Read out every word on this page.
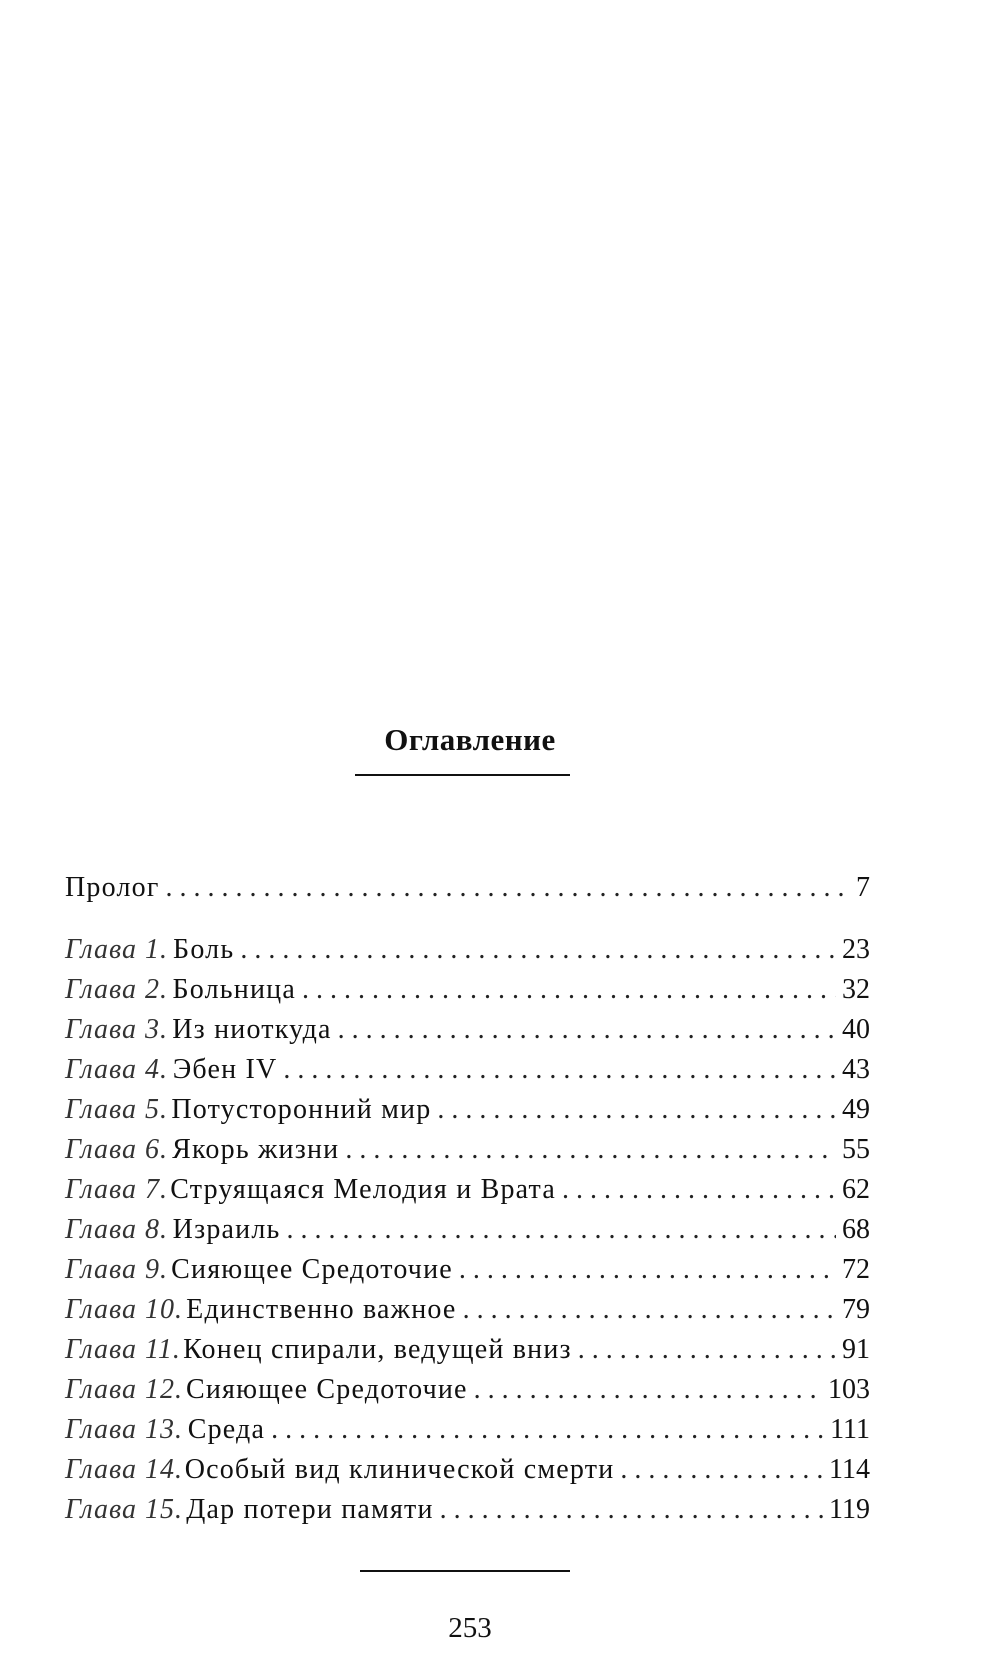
Оглавление
Пролог . . .	7
Глава 1. Боль . . .	23
Глава 2. Больница . . .	32
Глава 3. Из ниоткуда . . .	40
Глава 4. Эбен IV . . .	43
Глава 5. Потусторонний мир . . .	49
Глава 6. Якорь жизни . . .	55
Глава 7. Струящаяся Мелодия и Врата . . .	62
Глава 8. Израиль . . .	68
Глава 9. Сияющее Средоточие . . .	72
Глава 10. Единственно важное . . .	79
Глава 11. Конец спирали, ведущей вниз . . .	91
Глава 12. Сияющее Средоточие . . .	103
Глава 13. Среда . . .	111
Глава 14. Особый вид клинической смерти . . .	114
Глава 15. Дар потери памяти . . .	119
253
